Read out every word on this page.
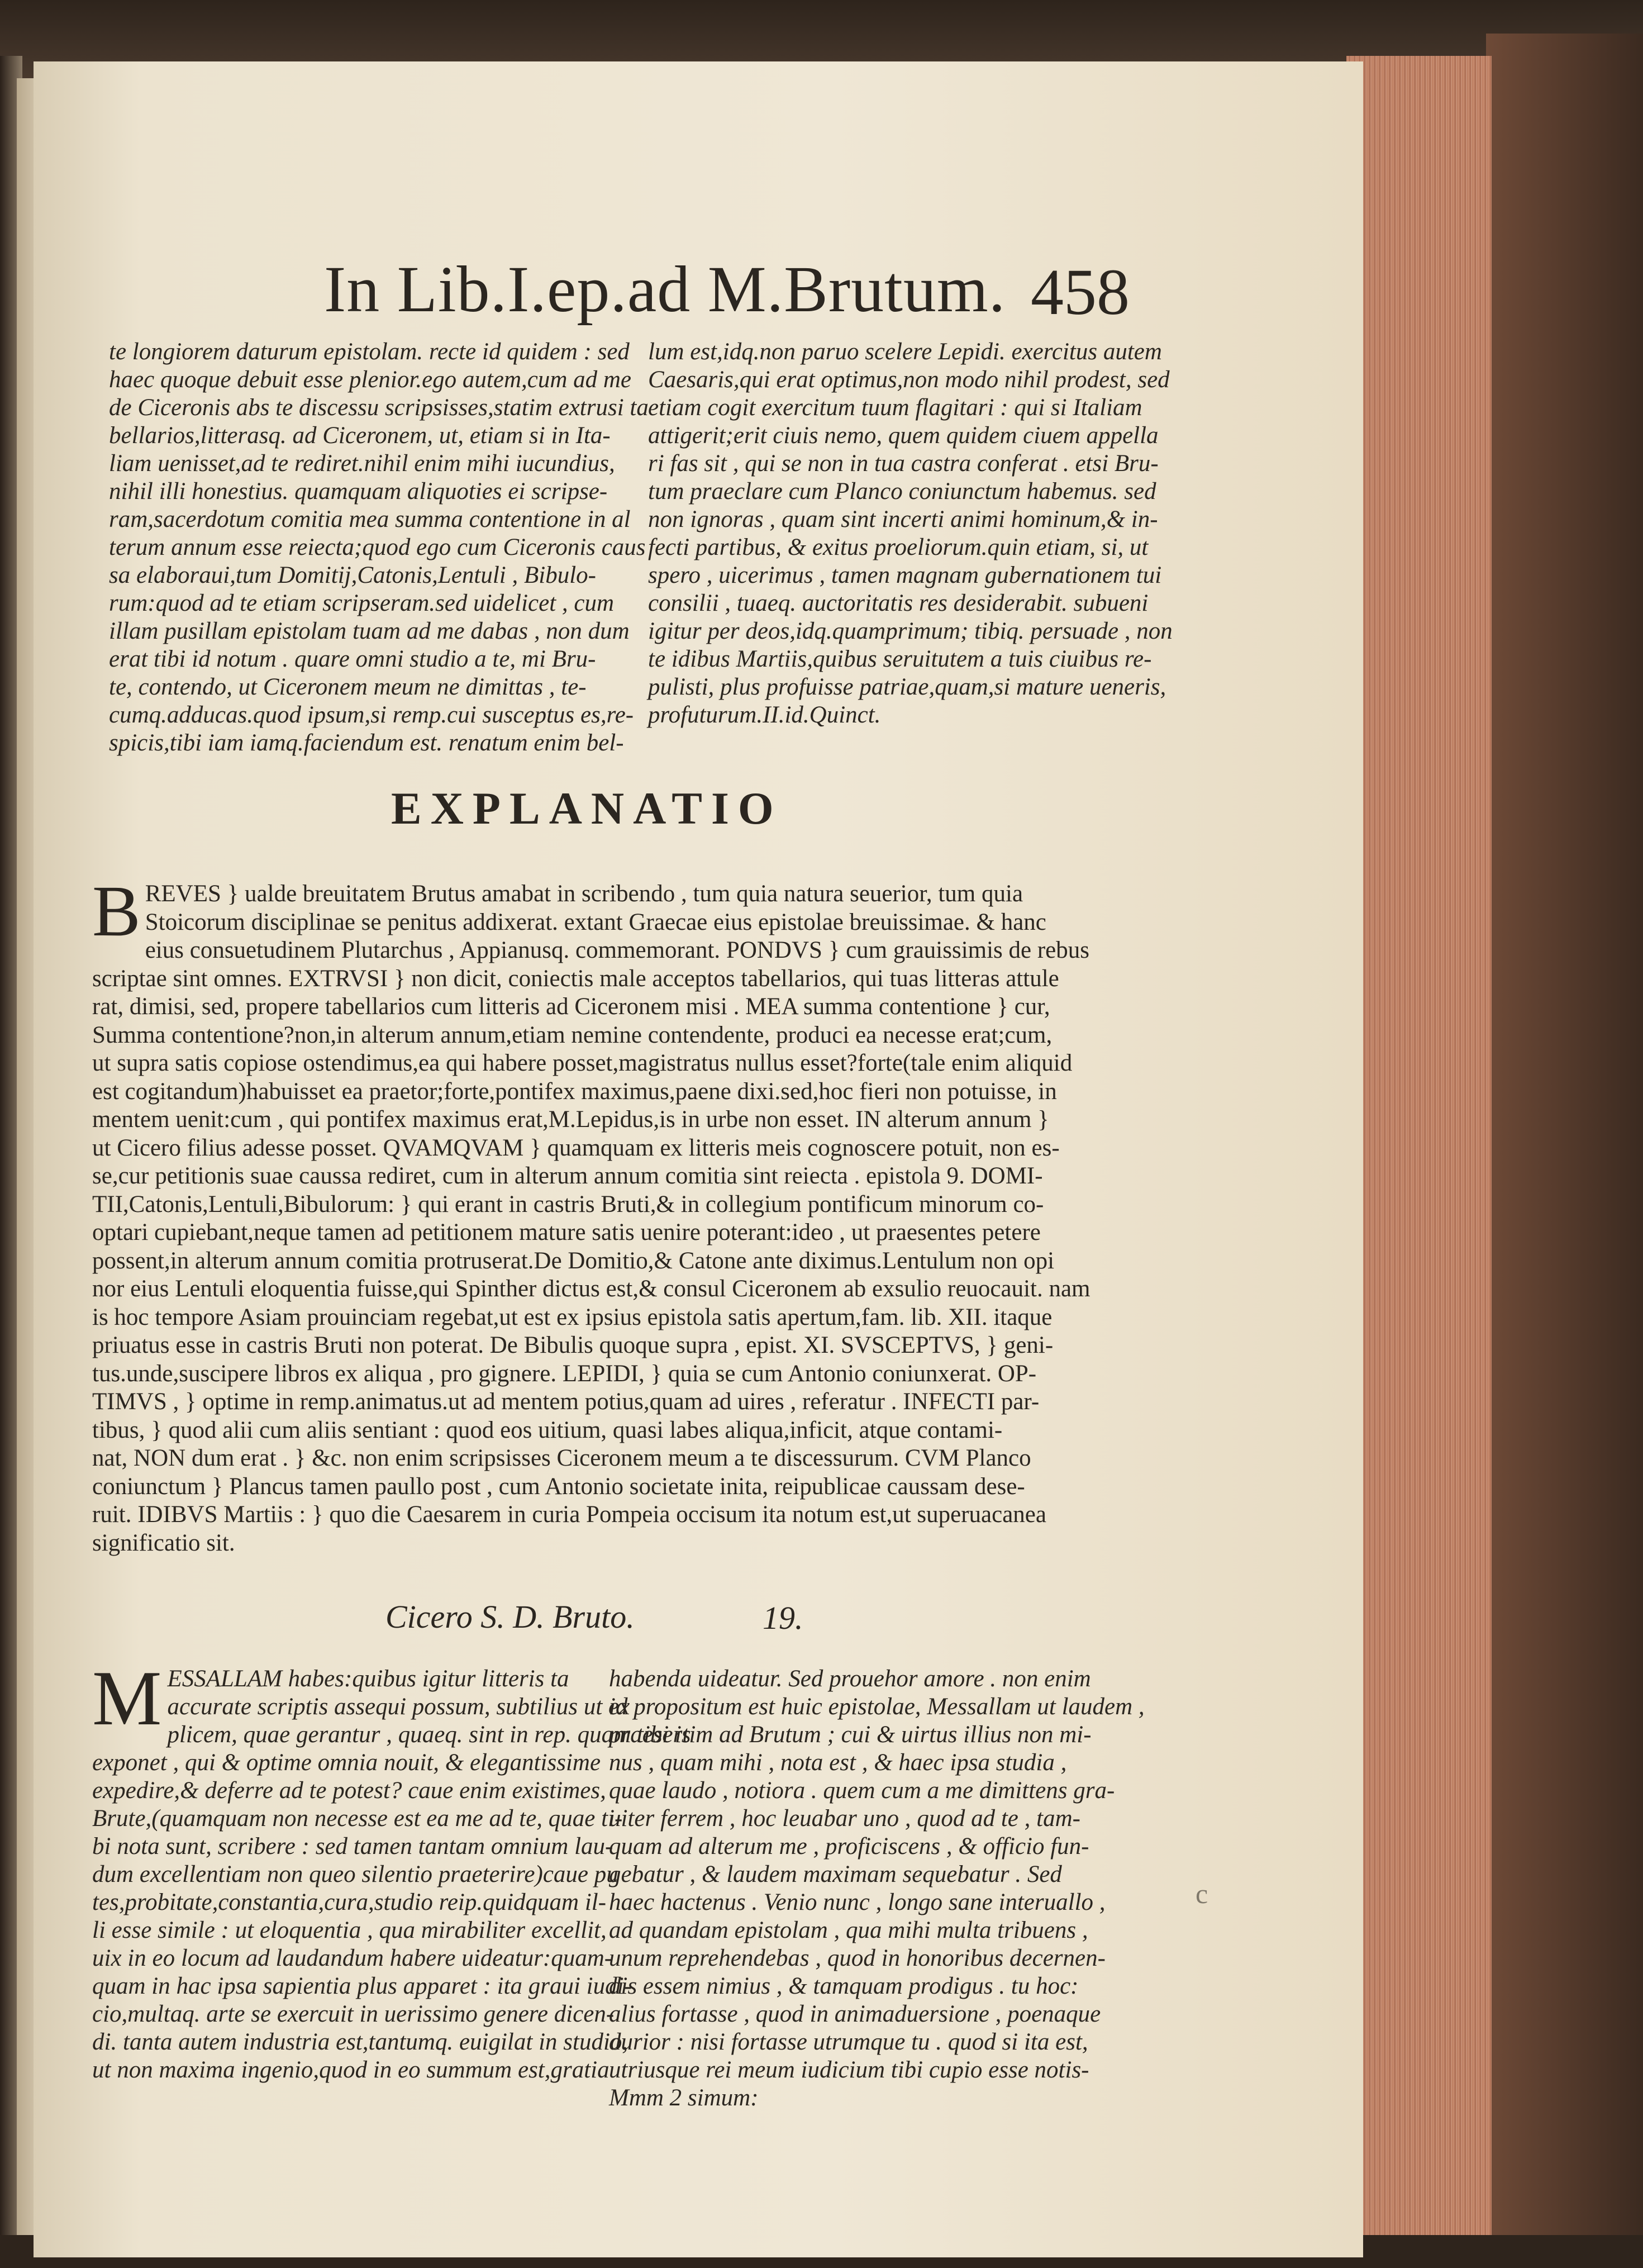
In Lib.I.ep.ad M.Brutum. 458
te longiorem daturum epistolam. recte id quidem : sed
haec quoque debuit esse plenior.ego autem,cum ad me
de Ciceronis abs te discessu scripsisses,statim extrusi ta
bellarios,litterasq. ad Ciceronem, ut, etiam si in Ita-
liam uenisset,ad te rediret.nihil enim mihi iucundius,
nihil illi honestius. quamquam aliquoties ei scripse-
ram,sacerdotum comitia mea summa contentione in al
terum annum esse reiecta;quod ego cum Ciceronis caus
sa elaboraui,tum Domitij,Catonis,Lentuli , Bibulo-
rum:quod ad te etiam scripseram.sed uidelicet , cum
illam pusillam epistolam tuam ad me dabas , non dum
erat tibi id notum . quare omni studio a te, mi Bru-
te, contendo, ut Ciceronem meum ne dimittas , te-
cumq.adducas.quod ipsum,si remp.cui susceptus es,re-
spicis,tibi iam iamq.faciendum est. renatum enim bel-
lum est,idq.non paruo scelere Lepidi. exercitus autem
Caesaris,qui erat optimus,non modo nihil prodest, sed
etiam cogit exercitum tuum flagitari : qui si Italiam
attigerit;erit ciuis nemo, quem quidem ciuem appella
ri fas sit , qui se non in tua castra conferat . etsi Bru-
tum praeclare cum Planco coniunctum habemus. sed
non ignoras , quam sint incerti animi hominum,& in-
fecti partibus, & exitus proeliorum.quin etiam, si, ut
spero , uicerimus , tamen magnam gubernationem tui
consilii , tuaeq. auctoritatis res desiderabit. subueni
igitur per deos,idq.quamprimum; tibiq. persuade , non
te idibus Martiis,quibus seruitutem a tuis ciuibus re-
pulisti, plus profuisse patriae,quam,si mature ueneris,
profuturum.II.id.Quinct.
EXPLANATIO
B REVES } ualde breuitatem Brutus amabat in scribendo , tum quia natura seuerior, tum quia
Stoicorum disciplinae se penitus addixerat. extant Graecae eius epistolae breuissimae. & hanc
eius consuetudinem Plutarchus , Appianusq. commemorant. PONDVS } cum grauissimis de rebus
scriptae sint omnes. EXTRVSI } non dicit, coniectis male acceptos tabellarios, qui tuas litteras attule
rat, dimisi, sed, propere tabellarios cum litteris ad Ciceronem misi . MEA summa contentione } cur,
Summa contentione?non,in alterum annum,etiam nemine contendente, produci ea necesse erat;cum,
ut supra satis copiose ostendimus,ea qui habere posset,magistratus nullus esset?forte(tale enim aliquid
est cogitandum)habuisset ea praetor;forte,pontifex maximus,paene dixi.sed,hoc fieri non potuisse, in
mentem uenit:cum , qui pontifex maximus erat,M.Lepidus,is in urbe non esset. IN alterum annum }
ut Cicero filius adesse posset. QVAMQVAM } quamquam ex litteris meis cognoscere potuit, non es-
se,cur petitionis suae caussa rediret, cum in alterum annum comitia sint reiecta . epistola 9. DOMI-
TII,Catonis,Lentuli,Bibulorum: } qui erant in castris Bruti,& in collegium pontificum minorum co-
optari cupiebant,neque tamen ad petitionem mature satis uenire poterant:ideo , ut praesentes petere
possent,in alterum annum comitia protruserat.De Domitio,& Catone ante diximus.Lentulum non opi
nor eius Lentuli eloquentia fuisse,qui Spinther dictus est,& consul Ciceronem ab exsulio reuocauit. nam
is hoc tempore Asiam prouinciam regebat,ut est ex ipsius epistola satis apertum,fam. lib. XII. itaque
priuatus esse in castris Bruti non poterat. De Bibulis quoque supra , epist. XI. SVSCEPTVS, } geni-
tus.unde,suscipere libros ex aliqua , pro gignere. LEPIDI, } quia se cum Antonio coniunxerat. OP-
TIMVS , } optime in remp.animatus.ut ad mentem potius,quam ad uires , referatur . INFECTI par-
tibus, } quod alii cum aliis sentiant : quod eos uitium, quasi labes aliqua,inficit, atque contami-
nat, NON dum erat . } &c. non enim scripsisses Ciceronem meum a te discessurum. CVM Planco
coniunctum } Plancus tamen paullo post , cum Antonio societate inita, reipublicae caussam dese-
ruit. IDIBVS Martiis : } quo die Caesarem in curia Pompeia occisum ita notum est,ut superuacanea
significatio sit.
Cicero S. D. Bruto.	19.
M ESSALLAM habes:quibus igitur litteris ta
accurate scriptis assequi possum, subtilius ut ex
plicem, quae gerantur , quaeq. sint in rep. quam tibi is
exponet , qui & optime omnia nouit, & elegantissime
expedire,& deferre ad te potest? caue enim existimes,
Brute,(quamquam non necesse est ea me ad te, quae ti-
bi nota sunt, scribere : sed tamen tantam omnium lau-
dum excellentiam non queo silentio praeterire)caue pu
tes,probitate,constantia,cura,studio reip.quidquam il-
li esse simile : ut eloquentia , qua mirabiliter excellit,
uix in eo locum ad laudandum habere uideatur:quam-
quam in hac ipsa sapientia plus apparet : ita graui iudi-
cio,multaq. arte se exercuit in uerissimo genere dicen-
di. tanta autem industria est,tantumq. euigilat in studio,
ut non maxima ingenio,quod in eo summum est,gratia
habenda uideatur. Sed prouehor amore . non enim
id propositum est huic epistolae, Messallam ut laudem ,
praesertim ad Brutum ; cui & uirtus illius non mi-
nus , quam mihi , nota est , & haec ipsa studia ,
quae laudo , notiora . quem cum a me dimittens gra-
uiter ferrem , hoc leuabar uno , quod ad te , tam-
quam ad alterum me , proficiscens , & officio fun-
gebatur , & laudem maximam sequebatur . Sed
haec hactenus . Venio nunc , longo sane interuallo ,
ad quandam epistolam , qua mihi multa tribuens ,
unum reprehendebas , quod in honoribus decernen-
dis essem nimius , & tamquam prodigus . tu hoc:
alius fortasse , quod in animaduersione , poenaque
durior : nisi fortasse utrumque tu . quod si ita est,
utriusque rei meum iudicium tibi cupio esse notis-
Mmm 2 simum:
c
